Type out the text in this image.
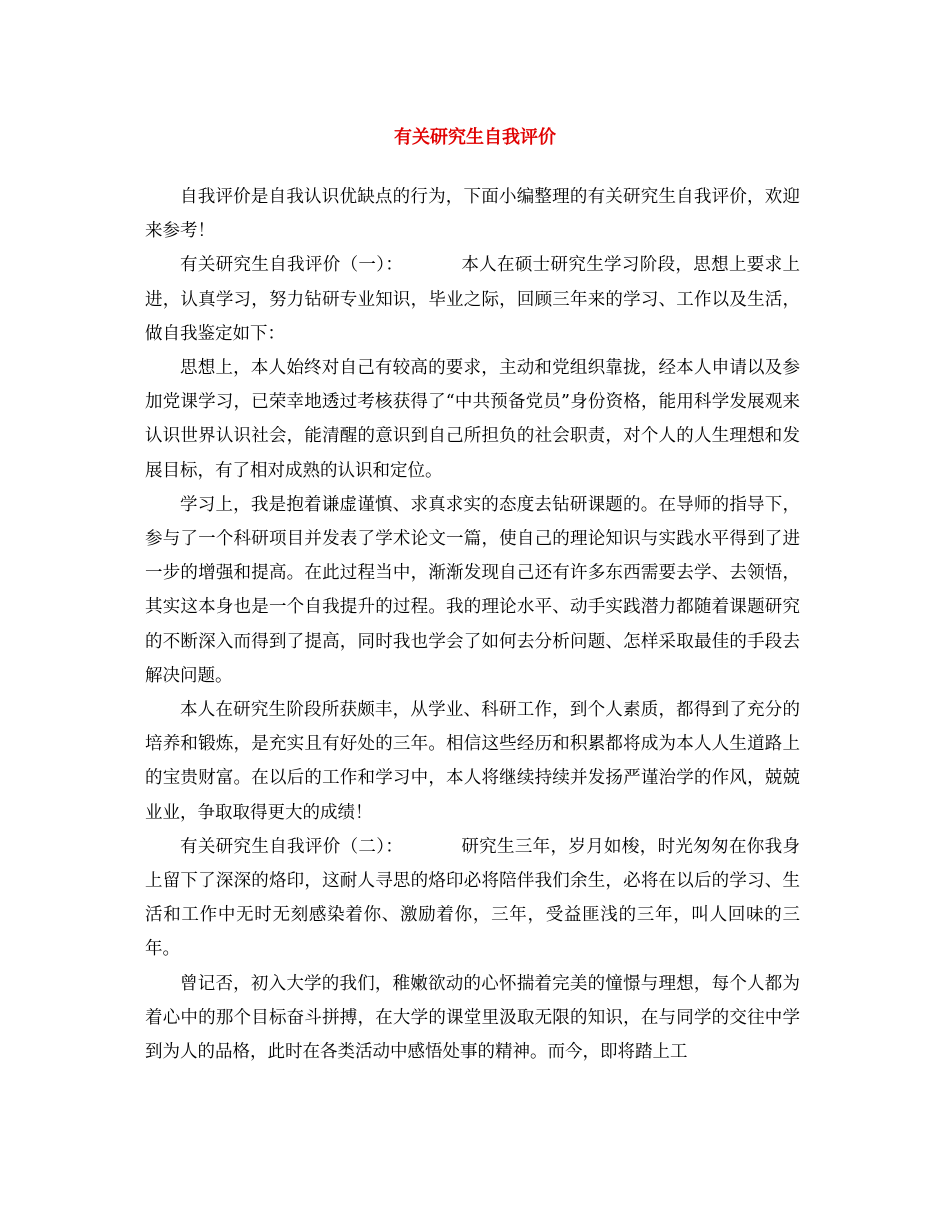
有关研究生自我评价

自我评价是自我认识优缺点的行为，下面小编整理的有关研究生自我评价，欢迎来参考！

有关研究生自我评价（一）：	本人在硕士研究生学习阶段，思想上要求上进，认真学习，努力钻研专业知识，毕业之际，回顾三年来的学习、工作以及生活，做自我鉴定如下：

思想上，本人始终对自己有较高的要求，主动和党组织靠拢，经本人申请以及参加党课学习，已荣幸地透过考核获得了“中共预备党员”身份资格，能用科学发展观来认识世界认识社会，能清醒的意识到自己所担负的社会职责，对个人的人生理想和发展目标，有了相对成熟的认识和定位。

学习上，我是抱着谦虚谨慎、求真求实的态度去钻研课题的。在导师的指导下，参与了一个科研项目并发表了学术论文一篇，使自己的理论知识与实践水平得到了进一步的增强和提高。在此过程当中，渐渐发现自己还有许多东西需要去学、去领悟，其实这本身也是一个自我提升的过程。我的理论水平、动手实践潜力都随着课题研究的不断深入而得到了提高，同时我也学会了如何去分析问题、怎样采取最佳的手段去解决问题。

本人在研究生阶段所获颇丰，从学业、科研工作，到个人素质，都得到了充分的培养和锻炼，是充实且有好处的三年。相信这些经历和积累都将成为本人人生道路上的宝贵财富。在以后的工作和学习中，本人将继续持续并发扬严谨治学的作风，兢兢业业，争取取得更大的成绩！

有关研究生自我评价（二）：	研究生三年，岁月如梭，时光匆匆在你我身上留下了深深的烙印，这耐人寻思的烙印必将陪伴我们余生，必将在以后的学习、生活和工作中无时无刻感染着你、激励着你，三年，受益匪浅的三年，叫人回味的三年。

曾记否，初入大学的我们，稚嫩欲动的心怀揣着完美的憧憬与理想，每个人都为着心中的那个目标奋斗拼搏，在大学的课堂里汲取无限的知识，在与同学的交往中学到为人的品格，此时在各类活动中感悟处事的精神。而今，即将踏上工
